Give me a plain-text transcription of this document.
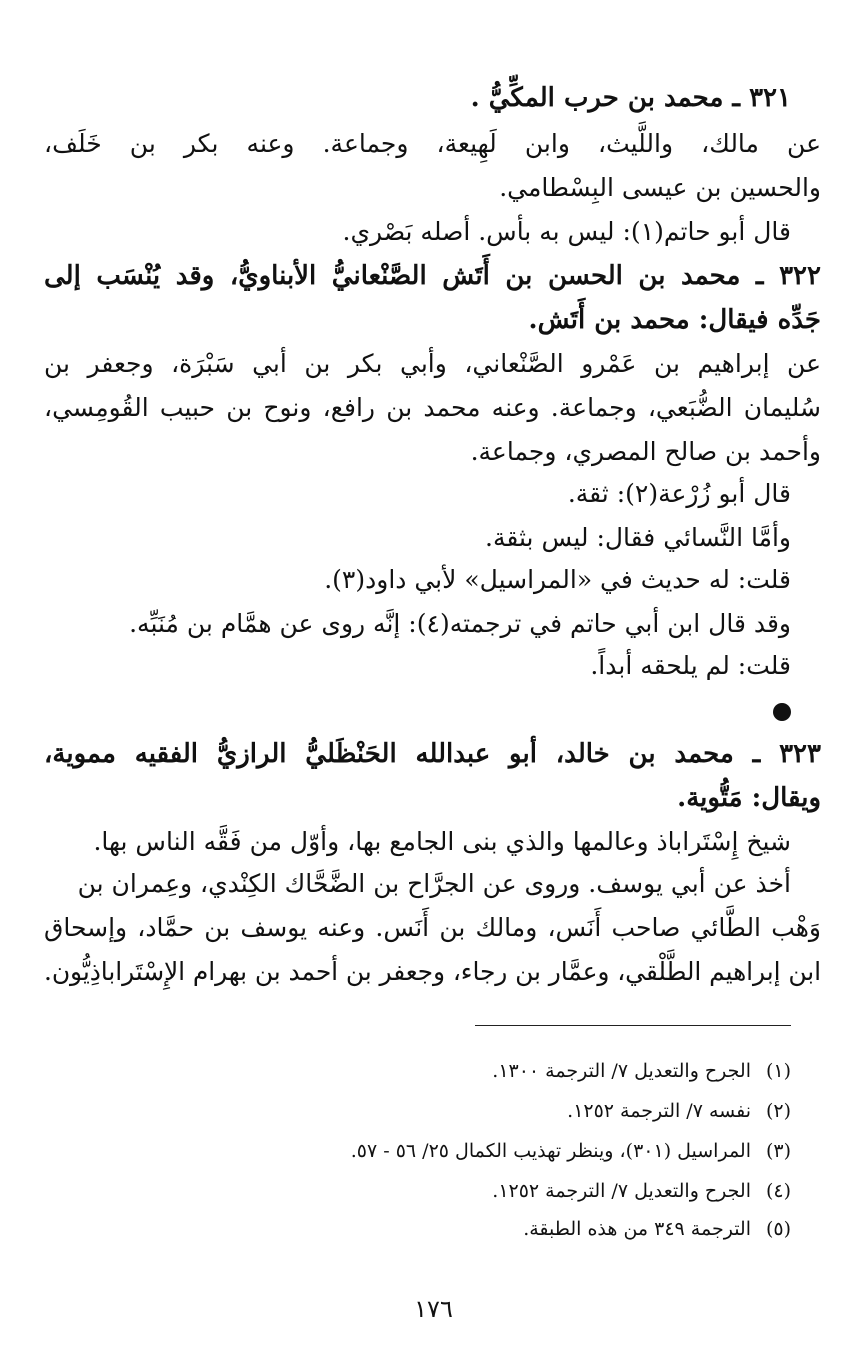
٣٢١ ـ محمد بن حرب المكِّيُّ .
عن مالك، واللَّيث، وابن لَهِيعة، وجماعة. وعنه بكر بن خَلَف،
والحسين بن عيسى البِسْطامي.
قال أبو حاتم(١): ليس به بأس. أصله بَصْري.
٣٢٢ ـ محمد بن الحسن بن أَتَش الصَّنْعانيُّ الأبناويُّ، وقد يُنْسَب إلى
جَدِّه فيقال: محمد بن أَتَش.
عن إبراهيم بن عَمْرو الصَّنْعاني، وأبي بكر بن أبي سَبْرَة، وجعفر بن
سُليمان الضُّبَعي، وجماعة. وعنه محمد بن رافع، ونوح بن حبيب القُومِسي،
وأحمد بن صالح المصري، وجماعة.
قال أبو زُرْعة(٢): ثقة.
وأمَّا النَّسائي فقال: ليس بثقة.
قلت: له حديث في «المراسيل» لأبي داود(٣).
وقد قال ابن أبي حاتم في ترجمته(٤): إنَّه روى عن همَّام بن مُنَبِّه.
قلت: لم يلحقه أبداً.
٣٢٣ ـ محمد بن خالد، أبو عبدالله الحَنْظَليُّ الرازيُّ الفقيه مموية،
ويقال: مَتُّوية.
شيخ إِسْتَراباذ وعالمها والذي بنى الجامع بها، وأوّل من فَقَّه الناس بها.
أخذ عن أبي يوسف. وروى عن الجرَّاح بن الضَّحَّاك الكِنْدي، وعِمران بن
وَهْب الطَّائي صاحب أَنَس، ومالك بن أَنَس. وعنه يوسف بن حمَّاد، وإسحاق
ابن إبراهيم الطَّلْقي، وعمَّار بن رجاء، وجعفر بن أحمد بن بهرام الإِسْتَراباذِيُّون.
(١)الجرح والتعديل ٧/ الترجمة ١٣٠٠.
(٢)نفسه ٧/ الترجمة ١٢٥٢.
(٣)المراسيل (٣٠١)، وينظر تهذيب الكمال ٢٥/ ٥٦ - ٥٧.
(٤)الجرح والتعديل ٧/ الترجمة ١٢٥٢.
(٥)الترجمة ٣٤٩ من هذه الطبقة.
١٧٦
